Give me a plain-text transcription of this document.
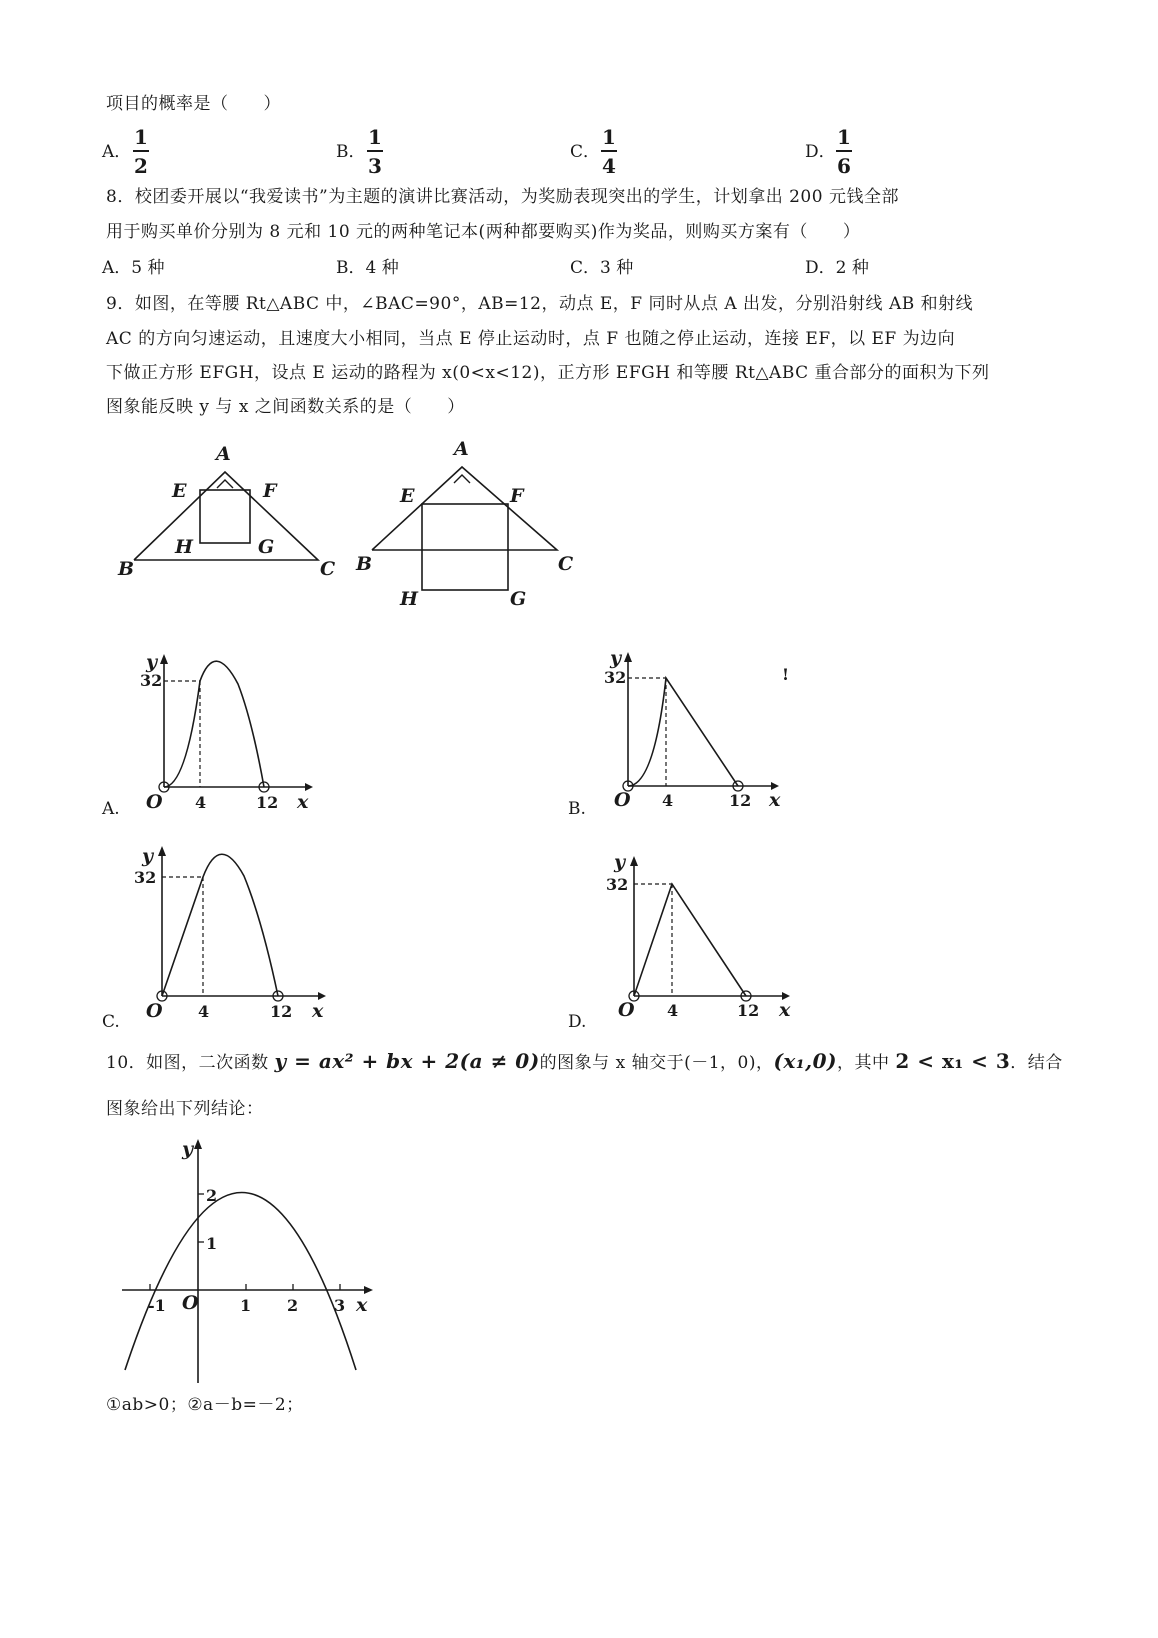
项目的概率是（　　）
A．
1
2
B．
1
3
C．
1
4
D．
1
6
8．校团委开展以“我爱读书”为主题的演讲比赛活动，为奖励表现突出的学生，计划拿出 200 元钱全部
用于购买单价分别为 8 元和 10 元的两种笔记本(两种都要购买)作为奖品，则购买方案有（　　）
A．5 种	B．4 种	C．3 种	D．2 种
9．如图，在等腰 Rt△ABC 中，∠BAC=90°，AB=12，动点 E，F 同时从点 A 出发，分别沿射线 AB 和射线
AC 的方向匀速运动，且速度大小相同，当点 E 停止运动时，点 F 也随之停止运动，连接 EF，以 EF 为边向
下做正方形 EFGH，设点 E 运动的路程为 x(0<x<12)，正方形 EFGH 和等腰 Rt△ABC 重合部分的面积为下列
图象能反映 y 与 x 之间函数关系的是（　　）
A
E	F
H	G
B	C
A
E	F
B	C
H	G
y
32
O 4	12 x
A.
y
32
O 4	12 x
!
B.
y
32
O 4	12 x
C.
y
32
O 4	12 x
D.
10．如图，二次函数 y = ax² + bx + 2(a ≠ 0)的图象与 x 轴交于(－1，0)，(x₁,0)，其中 2 < x₁ < 3．结合
图象给出下列结论：
y
2
1
-1 O	1 2 3 x
①ab>0；②a－b=－2；
